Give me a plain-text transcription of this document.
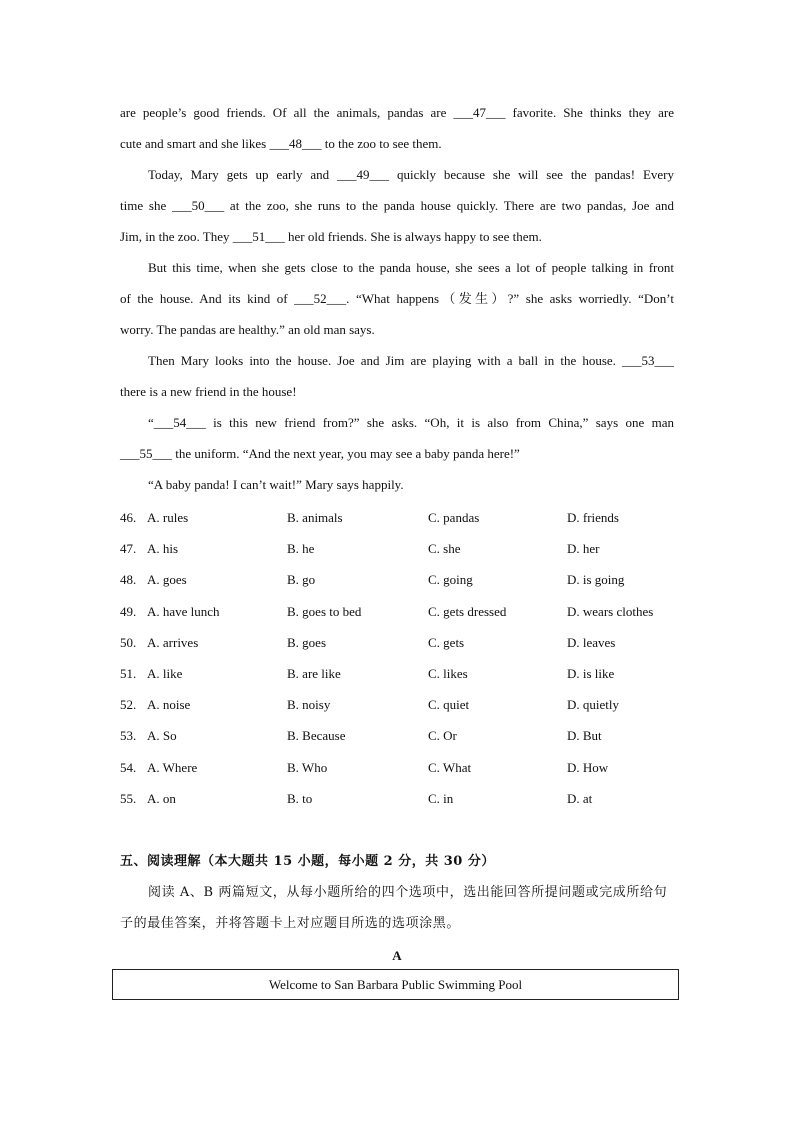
are people’s good friends. Of all the animals, pandas are ___47___ favorite. She thinks they are
cute and smart and she likes ___48___ to the zoo to see them.
Today, Mary gets up early and ___49___ quickly because she will see the pandas! Every
time she ___50___ at the zoo, she runs to the panda house quickly. There are two pandas, Joe and
Jim, in the zoo. They ___51___ her old friends. She is always happy to see them.
But this time, when she gets close to the panda house, she sees a lot of people talking in front
of the house. And its kind of ___52___. “What happens（发生）?” she asks worriedly. “Don’t
worry. The pandas are healthy.” an old man says.
Then Mary looks into the house. Joe and Jim are playing with a ball in the house. ___53___
there is a new friend in the house!
“___54___ is this new friend from?” she asks. “Oh, it is also from China,” says one man
___55___ the uniform. “And the next year, you may see a baby panda here!”
“A baby panda! I can’t wait!” Mary says happily.
46. A. rules	B. animals	C. pandas	D. friends
47. A. his	B. he	C. she	D. her
48. A. goes	B. go	C. going	D. is going
49. A. have lunch	B. goes to bed	C. gets dressed	D. wears clothes
50. A. arrives	B. goes	C. gets	D. leaves
51. A. like	B. are like	C. likes	D. is like
52. A. noise	B. noisy	C. quiet	D. quietly
53. A. So	B. Because	C. Or	D. But
54. A. Where	B. Who	C. What	D. How
55. A. on	B. to	C. in	D. at
五、阅读理解（本大题共 15 小题，每小题 2 分，共 30 分）
阅读 A、B 两篇短文，从每小题所给的四个选项中，选出能回答所提问题或完成所给句
子的最佳答案，并将答题卡上对应题目所选的选项涂黑。
A
Welcome to San Barbara Public Swimming Pool
